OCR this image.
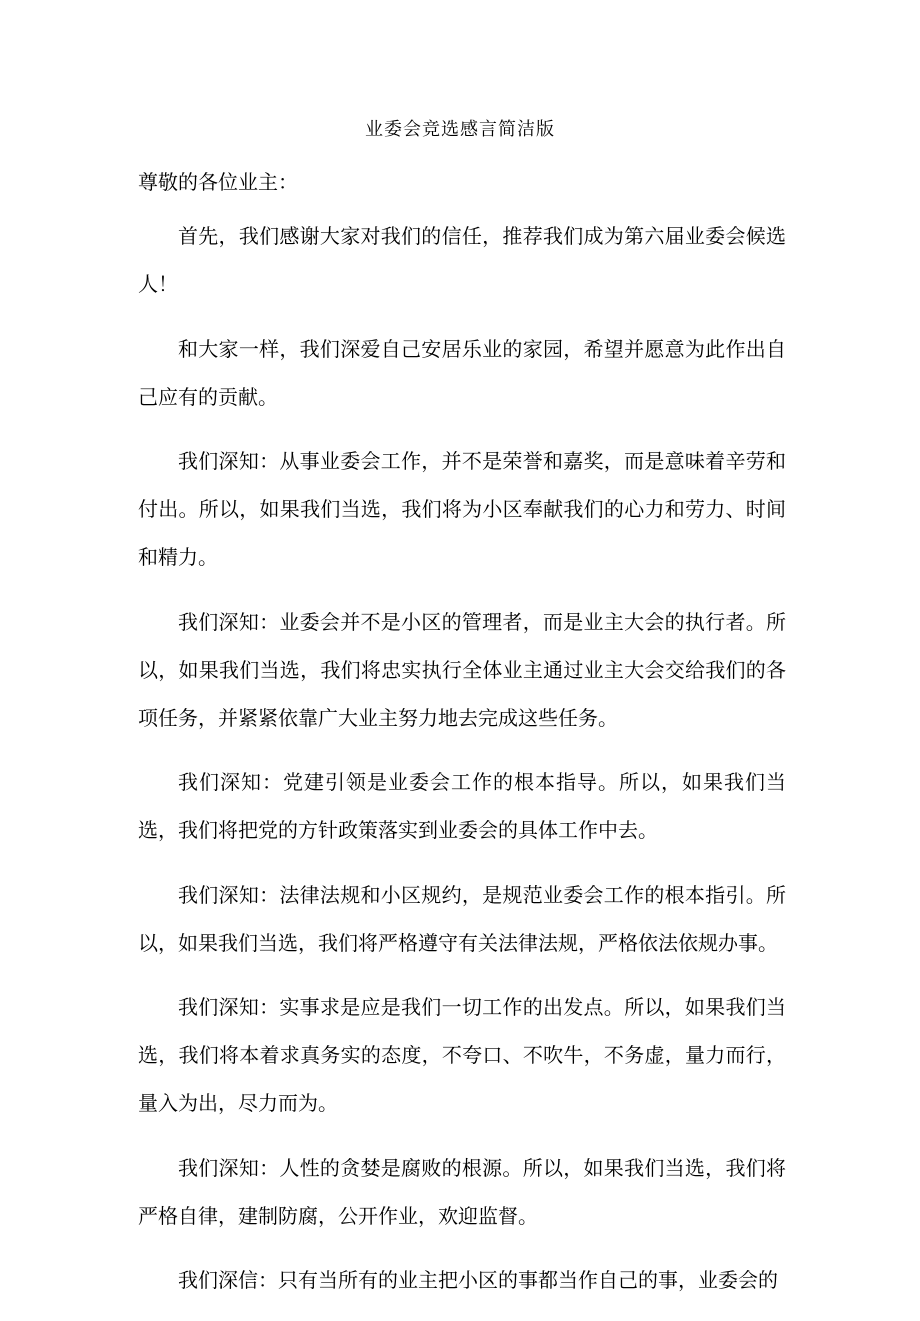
业委会竞选感言简洁版
尊敬的各位业主：

首先，我们感谢大家对我们的信任，推荐我们成为第六届业委会候选人！

和大家一样，我们深爱自己安居乐业的家园，希望并愿意为此作出自己应有的贡献。

我们深知：从事业委会工作，并不是荣誉和嘉奖，而是意味着辛劳和付出。所以，如果我们当选，我们将为小区奉献我们的心力和劳力、时间和精力。

我们深知：业委会并不是小区的管理者，而是业主大会的执行者。所以，如果我们当选，我们将忠实执行全体业主通过业主大会交给我们的各项任务，并紧紧依靠广大业主努力地去完成这些任务。

我们深知：党建引领是业委会工作的根本指导。所以，如果我们当选，我们将把党的方针政策落实到业委会的具体工作中去。

我们深知：法律法规和小区规约，是规范业委会工作的根本指引。所以，如果我们当选，我们将严格遵守有关法律法规，严格依法依规办事。

我们深知：实事求是应是我们一切工作的出发点。所以，如果我们当选，我们将本着求真务实的态度，不夸口、不吹牛，不务虚，量力而行，量入为出，尽力而为。

我们深知：人性的贪婪是腐败的根源。所以，如果我们当选，我们将严格自律，建制防腐，公开作业，欢迎监督。

我们深信：只有当所有的业主把小区的事都当作自己的事，业委会的
